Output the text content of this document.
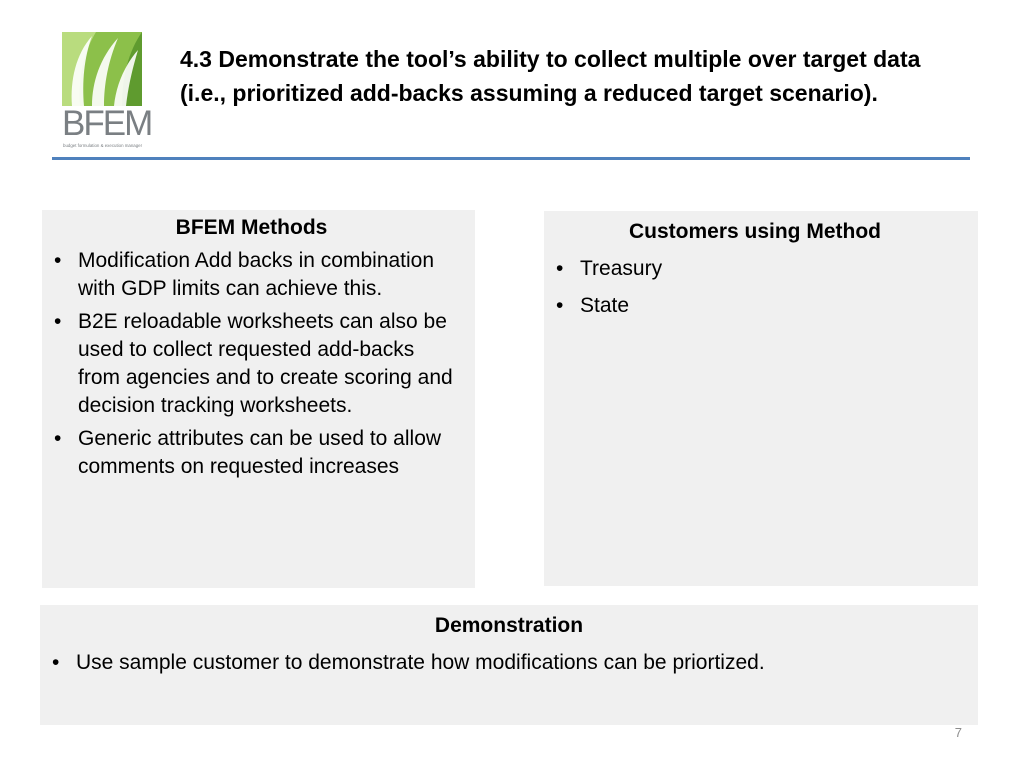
BFEM
budget formulation & execution manager
4.3 Demonstrate the tool’s ability to collect multiple over target data (i.e., prioritized add-backs assuming a reduced target scenario).
BFEM Methods
• Modification Add backs in combination with GDP limits can achieve this.
• B2E reloadable worksheets can also be used to collect requested add-backs from agencies and to create scoring and decision tracking worksheets.
• Generic attributes can be used to allow comments on requested increases
Customers using Method
• Treasury
• State
Demonstration
• Use sample customer to demonstrate how modifications can be priortized.
7
